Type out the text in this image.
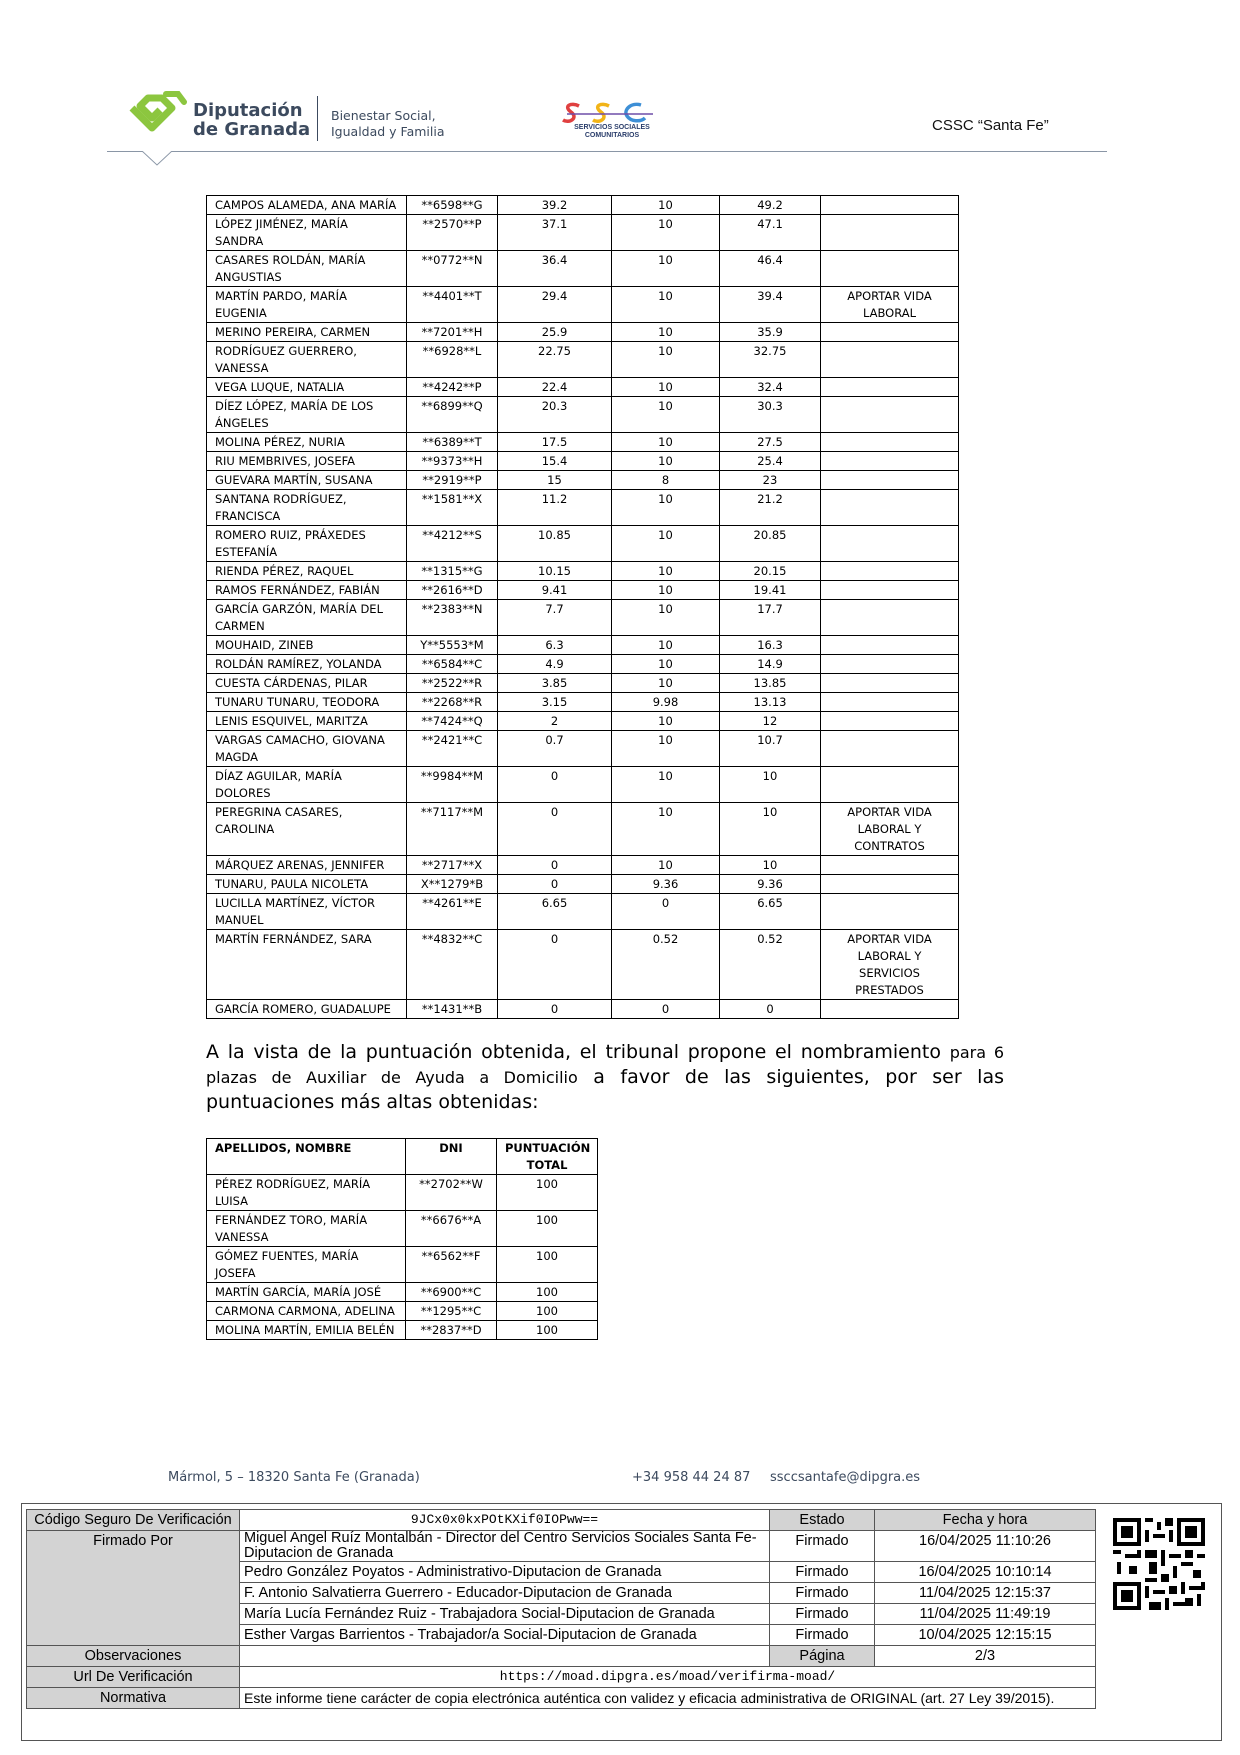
Diputación
de Granada
Bienestar Social,
Igualdad y Familia	SERVICIOS SOCIALES
COMUNITARIOS
CSSC “Santa Fe”
CAMPOS ALAMEDA, ANA MARÍA	**6598**G	39.2	10	49.2	
LÓPEZ JIMÉNEZ, MARÍA SANDRA	**2570**P	37.1	10	47.1	
CASARES ROLDÁN, MARÍA ANGUSTIAS	**0772**N	36.4	10	46.4	
MARTÍN PARDO, MARÍA EUGENIA	**4401**T	29.4	10	39.4	APORTAR VIDA LABORAL
MERINO PEREIRA, CARMEN	**7201**H	25.9	10	35.9	
RODRÍGUEZ GUERRERO, VANESSA	**6928**L	22.75	10	32.75	
VEGA LUQUE, NATALIA	**4242**P	22.4	10	32.4	
DÍEZ LÓPEZ, MARÍA DE LOS ÁNGELES	**6899**Q	20.3	10	30.3	
MOLINA PÉREZ, NURIA	**6389**T	17.5	10	27.5	
RIU MEMBRIVES, JOSEFA	**9373**H	15.4	10	25.4	
GUEVARA MARTÍN, SUSANA	**2919**P	15	8	23	
SANTANA RODRÍGUEZ, FRANCISCA	**1581**X	11.2	10	21.2	
ROMERO RUIZ, PRÁXEDES ESTEFANÍA	**4212**S	10.85	10	20.85	
RIENDA PÉREZ, RAQUEL	**1315**G	10.15	10	20.15	
RAMOS FERNÁNDEZ, FABIÁN	**2616**D	9.41	10	19.41	
GARCÍA GARZÓN, MARÍA DEL CARMEN	**2383**N	7.7	10	17.7	
MOUHAID, ZINEB	Y**5553*M	6.3	10	16.3	
ROLDÁN RAMÍREZ, YOLANDA	**6584**C	4.9	10	14.9	
CUESTA CÁRDENAS, PILAR	**2522**R	3.85	10	13.85	
TUNARU TUNARU, TEODORA	**2268**R	3.15	9.98	13.13	
LENIS ESQUIVEL, MARITZA	**7424**Q	2	10	12	
VARGAS CAMACHO, GIOVANA MAGDA	**2421**C	0.7	10	10.7	
DÍAZ AGUILAR, MARÍA DOLORES	**9984**M	0	10	10	
PEREGRINA CASARES, CAROLINA	**7117**M	0	10	10	APORTAR VIDA LABORAL Y CONTRATOS
MÁRQUEZ ARENAS, JENNIFER	**2717**X	0	10	10	
TUNARU, PAULA NICOLETA	X**1279*B	0	9.36	9.36	
LUCILLA MARTÍNEZ, VÍCTOR MANUEL	**4261**E	6.65	0	6.65	
MARTÍN FERNÁNDEZ, SARA	**4832**C	0	0.52	0.52	APORTAR VIDA LABORAL Y SERVICIOS PRESTADOS
GARCÍA ROMERO, GUADALUPE	**1431**B	0	0	0	
A la vista de la puntuación obtenida, el tribunal propone el nombramiento para 6 plazas de Auxiliar de Ayuda a Domicilio a favor de las siguientes, por ser las puntuaciones más altas obtenidas:
APELLIDOS, NOMBRE	DNI	PUNTUACIÓN TOTAL
PÉREZ RODRÍGUEZ, MARÍA LUISA	**2702**W	100
FERNÁNDEZ TORO, MARÍA VANESSA	**6676**A	100
GÓMEZ FUENTES, MARÍA JOSEFA	**6562**F	100
MARTÍN GARCÍA, MARÍA JOSÉ	**6900**C	100
CARMONA CARMONA, ADELINA	**1295**C	100
MOLINA MARTÍN, EMILIA BELÉN	**2837**D	100
Mármol, 5 – 18320 Santa Fe (Granada)	+34 958 44 24 87 ssccsantafe@dipgra.es
Código Seguro De Verificación	9JCx0x0kxPOtKXif0IOPww==	Estado	Fecha y hora
Firmado Por	Miguel Angel Ruíz Montalbán - Director del Centro Servicios Sociales Santa Fe-Diputacion de Granada	Firmado	16/04/2025 11:10:26
	Pedro González Poyatos - Administrativo-Diputacion de Granada	Firmado	16/04/2025 10:10:14
	F. Antonio Salvatierra Guerrero - Educador-Diputacion de Granada	Firmado	11/04/2025 12:15:37
	María Lucía Fernández Ruiz - Trabajadora Social-Diputacion de Granada	Firmado	11/04/2025 11:49:19
	Esther Vargas Barrientos - Trabajador/a Social-Diputacion de Granada	Firmado	10/04/2025 12:15:15
Observaciones		Página	2/3
Url De Verificación	https://moad.dipgra.es/moad/verifirma-moad/		
Normativa	Este informe tiene carácter de copia electrónica auténtica con validez y eficacia administrativa de ORIGINAL (art. 27 Ley 39/2015).		
